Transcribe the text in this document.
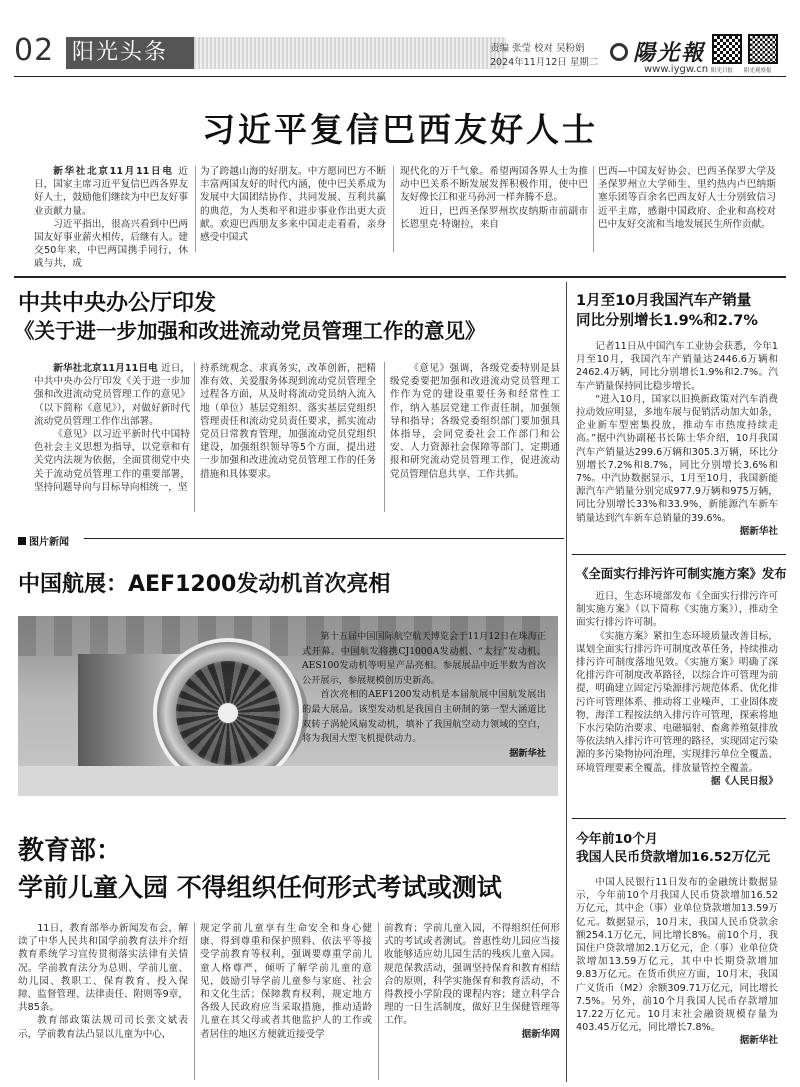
02 阳光头条	责编 张莹 校对 吴粉娟
2024年11月12日 星期二	陽光報
www.iygw.cn 阳光日报 阳光观察报
习近平复信巴西友好人士

新华社北京11月11日电 近日，国家主席习近平复信巴西各界友好人士，鼓励他们继续为中巴友好事业贡献力量。

习近平指出，很高兴看到中巴两国友好事业薪火相传，后继有人。建交50年来，中巴两国携手同行，休戚与共，成

为了跨越山海的好朋友。中方愿同巴方不断丰富两国友好的时代内涵，使中巴关系成为发展中大国团结协作、共同发展、互利共赢的典范，为人类和平和进步事业作出更大贡献。欢迎巴西朋友多来中国走走看看，亲身感受中国式

现代化的万千气象。希望两国各界人士为推动中巴关系不断发展发挥积极作用，使中巴友好像长江和亚马孙河一样奔腾不息。

近日，巴西圣保罗州坎皮纳斯市前副市长恩里克·特谢拉，来自

巴西—中国友好协会、巴西圣保罗大学及圣保罗州立大学师生、里约热内卢巴纳斯塞乐团等百余名巴西友好人士分别致信习近平主席，感谢中国政府、企业和高校对巴中友好交流和当地发展民生所作贡献。

中共中央办公厅印发
《关于进一步加强和改进流动党员管理工作的意见》

新华社北京11月11日电 近日，中共中央办公厅印发《关于进一步加强和改进流动党员管理工作的意见》（以下简称《意见》），对做好新时代流动党员管理工作作出部署。

《意见》以习近平新时代中国特色社会主义思想为指导，以党章和有关党内法规为依据，全面贯彻党中央关于流动党员管理工作的重要部署，坚持问题导向与目标导向相统一，坚

持系统观念、求真务实，改革创新，把精准有效、关爱服务体现到流动党员管理全过程各方面，从及时将流动党员纳入流入地（单位）基层党组织、落实基层党组织管理责任和流动党员责任要求，抓实流动党员日常教育管理，加强流动党员党组织建设，加强组织领导等5个方面，提出进一步加强和改进流动党员管理工作的任务措施和具体要求。

《意见》强调，各级党委特别是县级党委要把加强和改进流动党员管理工作作为党的建设重要任务和经常性工作，纳入基层党建工作责任制，加强领导和指导；各级党委组织部门要加强具体指导，会同党委社会工作部门和公安、人力资源社会保障等部门，定期通报和研究流动党员管理工作，促进流动党员管理信息共享、工作共抓。

图片新闻
中国航展：AEF1200发动机首次亮相

第十五届中国国际航空航天博览会于11月12日在珠海正式开幕。中国航发将携CJ1000A发动机、“太行”发动机、AES100发动机等明星产品亮相。参展展品中近半数为首次公开展示，参展规模创历史新高。

首次亮相的AEF1200发动机是本届航展中国航发展出的最大展品。该型发动机是我国自主研制的第一型大涵道比双转子涡轮风扇发动机，填补了我国航空动力领域的空白，将为我国大型飞机提供动力。

据新华社

教育部：
学前儿童入园 不得组织任何形式考试或测试

11日，教育部举办新闻发布会，解读了中华人民共和国学前教育法并介绍教育系统学习宣传贯彻落实法律有关情况。学前教育法分为总则、学前儿童、幼儿园、教职工、保育教育、投入保障、监督管理、法律责任、附则等9章，共85条。

教育部政策法规司司长张文斌表示，学前教育法凸显以儿童为中心，

规定学前儿童享有生命安全和身心健康、得到尊重和保护照料、依法平等接受学前教育等权利，强调要尊重学前儿童人格尊严，倾听了解学前儿童的意见，鼓励引导学前儿童参与家庭、社会和文化生活；保障教育权利，规定地方各级人民政府应当采取措施，推动适龄儿童在其父母或者其他监护人的工作或者居住的地区方便就近接受学

前教育；学前儿童入园，不得组织任何形式的考试或者测试。普惠性幼儿园应当接收能够适应幼儿园生活的残疾儿童入园。规范保教活动，强调坚持保育和教育相结合的原则，科学实施保育和教育活动，不得教授小学阶段的课程内容；建立科学合理的一日生活制度，做好卫生保健管理等工作。

据新华网

1月至10月我国汽车产销量
同比分别增长1.9%和2.7%

记者11日从中国汽车工业协会获悉，今年1月至10月，我国汽车产销量达2446.6万辆和2462.4万辆，同比分别增长1.9%和2.7%。汽车产销量保持同比稳步增长。

“进入10月，国家以旧换新政策对汽车消费拉动效应明显，多地车展与促销活动加大如条，企业新车型密集投放，推动车市热度持续走高。”据中汽协副秘书长陈士华介绍，10月我国汽车产销量达299.6万辆和305.3万辆，环比分别增长7.2%和8.7%，同比分别增长3.6%和7%。中汽协数据显示，1月至10月，我国新能源汽车产销量分别完成977.9万辆和975万辆，同比分别增长33%和33.9%，新能源汽车新车销量达到汽车新车总销量的39.6%。

据新华社

《全面实行排污许可制实施方案》发布

近日，生态环境部发布《全面实行排污许可制实施方案》（以下简称《实施方案》），推动全面实行排污许可制。

《实施方案》紧扣生态环境质量改善目标，谋划全面实行排污许可制度改革任务，持续推动排污许可制度落地见效。《实施方案》明确了深化排污许可制度改革路径，以综合许可管理为前提，明确建立固定污染源排污规范体系、优化排污许可管理体系、推动将工业噪声、工业固体废物、海洋工程按法纳入排污许可管理，探索将地下水污染防治要求、电磁辐射、畜禽养殖氨排放等依法纳入排污许可管理的路径，实现固定污染源的多污染物协同治理，实现排污单位全覆盖、环境管理要素全覆盖，排放量管控全覆盖。

据《人民日报》

今年前10个月
我国人民币贷款增加16.52万亿元

中国人民银行11日发布的金融统计数据显示，今年前10个月我国人民币贷款增加16.52万亿元，其中企（事）业单位贷款增加13.59万亿元。数据显示，10月末，我国人民币贷款余额254.1万亿元，同比增长8%。前10个月，我国住户贷款增加2.1万亿元，企（事）业单位贷款增加13.59万亿元，其中中长期贷款增加9.83万亿元。在货币供应方面，10月末，我国广义货币（M2）余额309.71万亿元，同比增长7.5%。另外，前10个月我国人民币存款增加17.22万亿元。10月末社会融资规模存量为403.45万亿元，同比增长7.8%。

据新华社
